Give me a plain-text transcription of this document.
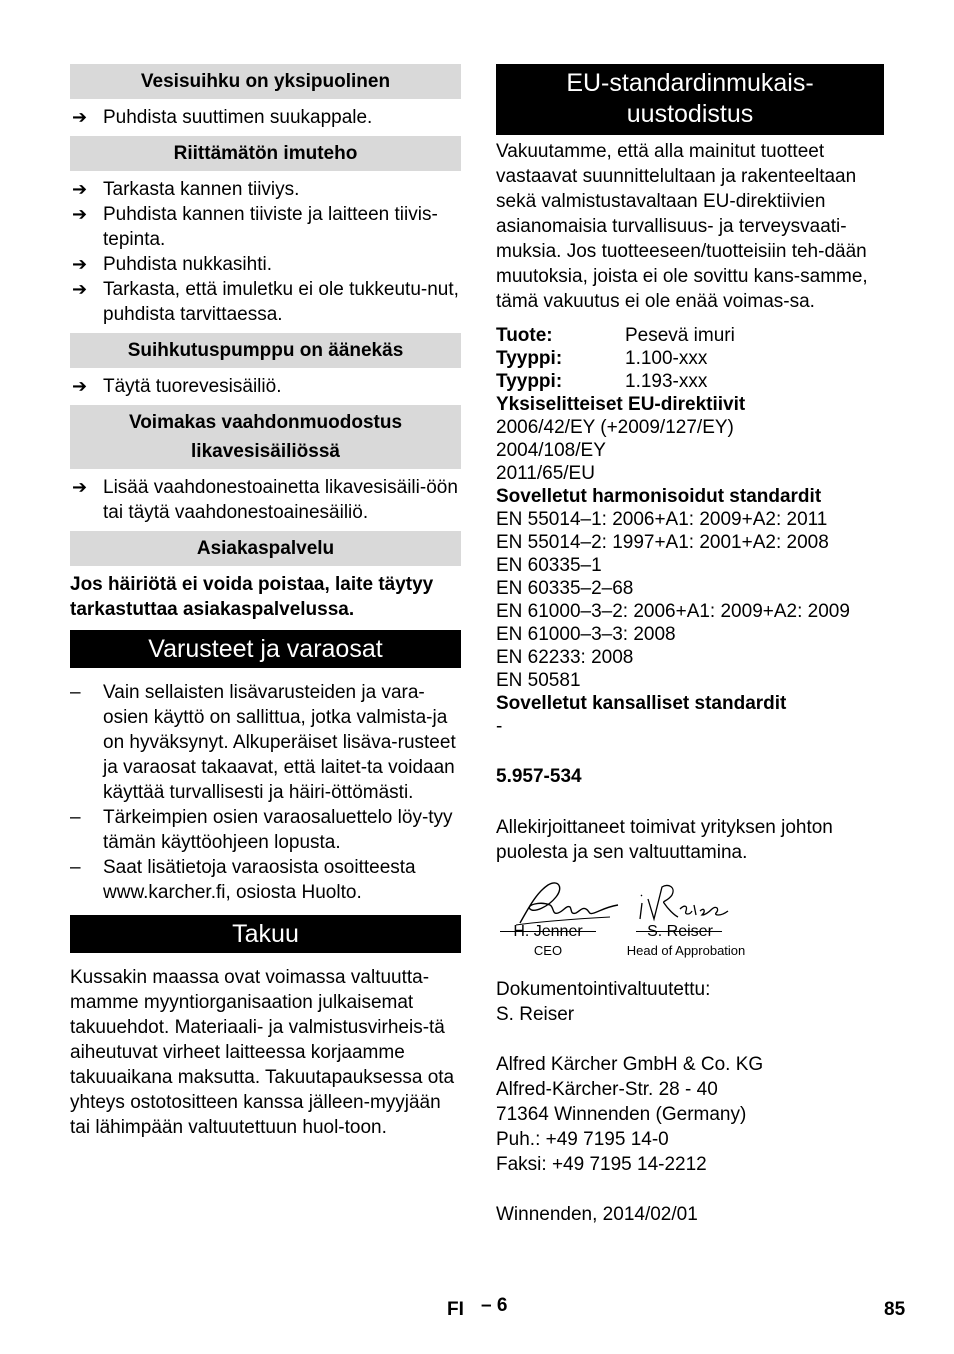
Vesisuihku on yksipuolinen
➔ Puhdista suuttimen suukappale.
Riittämätön imuteho
➔ Tarkasta kannen tiiviys.
➔ Puhdista kannen tiiviste ja laitteen tiivis-tepinta.
➔ Puhdista nukkasihti.
➔ Tarkasta, että imuletku ei ole tukkeutu-nut, puhdista tarvittaessa.
Suihkutuspumppu on äänekäs
➔ Täytä tuorevesisäiliö.
Voimakas vaahdonmuodostus
likavesisäiliössä
➔ Lisää vaahdonestoainetta likavesisäili-öön tai täytä vaahdonestoainesäiliö.
Asiakaspalvelu

Jos häiriötä ei voida poistaa, laite täytyy tarkastuttaa asiakaspalvelussa.

Varusteet ja varaosat
– Vain sellaisten lisävarusteiden ja vara-osien käyttö on sallittua, jotka valmista-ja on hyväksynyt. Alkuperäiset lisäva-rusteet ja varaosat takaavat, että laitet-ta voidaan käyttää turvallisesti ja häiri-öttömästi.
– Tärkeimpien osien varaosaluettelo löy-tyy tämän käyttöohjeen lopusta.
– Saat lisätietoja varaosista osoitteesta www.karcher.fi, osiosta Huolto.
Takuu

Kussakin maassa ovat voimassa valtuutta-mamme myyntiorganisaation julkaisemat takuuehdot. Materiaali- ja valmistusvirheis-tä aiheutuvat virheet laitteessa korjaamme takuuaikana maksutta. Takuutapauksessa ota yhteys ostotositteen kanssa jälleen-myyjään tai lähimpään valtuutettuun huol-toon.

EU-standardinmukais-
uustodistus

Vakuutamme, että alla mainitut tuotteet vastaavat suunnittelultaan ja rakenteeltaan sekä valmistustavaltaan EU-direktiivien asianomaisia turvallisuus- ja terveysvaati-muksia. Jos tuotteeseen/tuotteisiin teh-dään muutoksia, joista ei ole sovittu kans-samme, tämä vakuutus ei ole enää voimas-sa.

Tuote:	Pesevä imuri
Tyyppi:	1.100-xxx
Tyyppi:	1.193-xxx
Yksiselitteiset EU-direktiivit
2006/42/EY (+2009/127/EY)
2004/108/EY
2011/65/EU
Sovelletut harmonisoidut standardit
EN 55014–1: 2006+A1: 2009+A2: 2011
EN 55014–2: 1997+A1: 2001+A2: 2008
EN 60335–1
EN 60335–2–68
EN 61000–3–2: 2006+A1: 2009+A2: 2009
EN 61000–3–3: 2008
EN 62233: 2008
EN 50581
Sovelletut kansalliset standardit
-
5.957-534

Allekirjoittaneet toimivat yrityksen johton puolesta ja sen valtuuttamina.

H. Jenner	S. Reiser
CEO	Head of Approbation

Dokumentointivaltuutettu:

S. Reiser

Alfred Kärcher GmbH & Co. KG
Alfred-Kärcher-Str. 28 - 40
71364 Winnenden (Germany)
Puh.: +49 7195 14-0
Faksi: +49 7195 14-2212

Winnenden, 2014/02/01

FI – 6	85
